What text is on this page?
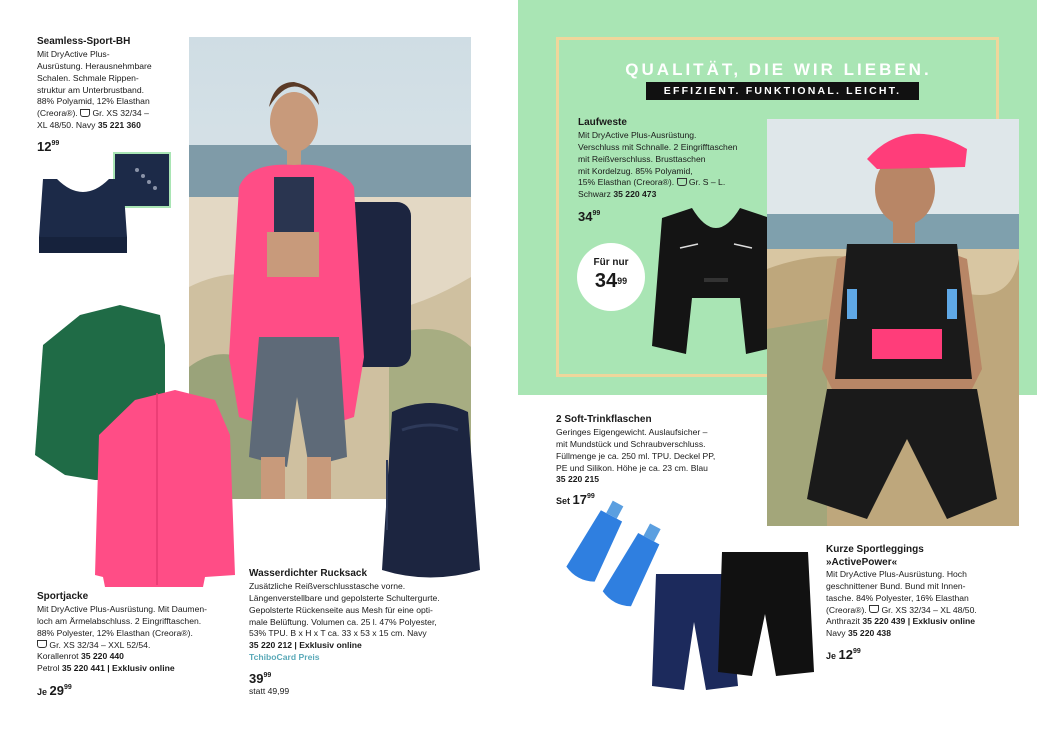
QUALITÄT, DIE WIR LIEBEN.
EFFIZIENT. FUNKTIONAL. LEICHT.
Seamless-Sport-BH
Mit DryActive Plus-
Ausrüstung. Herausnehmbare
Schalen. Schmale Rippen-
struktur am Unterbrustband.
88% Polyamid, 12% Elasthan
(Creora®). Gr. XS 32/34 –
XL 48/50. Navy 35 221 360
$12^{99}$
Sportjacke
Mit DryActive Plus-Ausrüstung. Mit Daumen-
loch am Ärmelabschluss. 2 Eingrifftaschen.
88% Polyester, 12% Elasthan (Creora®).
Gr. XS 32/34 – XXL 52/54.
Korallenrot 35 220 440
Petrol 35 220 441 | Exklusiv online
Je $29^{99}$
Wasserdichter Rucksack
Zusätzliche Reißverschlusstasche vorne.
Längenverstellbare und gepolsterte Schultergurte.
Gepolsterte Rückenseite aus Mesh für eine opti-
male Belüftung. Volumen ca. 25 l. 47% Polyester,
53% TPU. B x H x T ca. 33 x 53 x 15 cm. Navy
35 220 212 | Exklusiv online
TchiboCard Preis
$39^{99}$
statt 49,99
Laufweste
Mit DryActive Plus-Ausrüstung.
Verschluss mit Schnalle. 2 Eingrifftaschen
mit Reißverschluss. Brusttaschen
mit Kordelzug. 85% Polyamid,
15% Elasthan (Creora®). Gr. S – L.
Schwarz 35 220 473
$34^{99}$
Für nur
$34^{99}$
2 Soft-Trinkflaschen
Geringes Eigengewicht. Auslaufsicher –
mit Mundstück und Schraubverschluss.
Füllmenge je ca. 250 ml. TPU. Deckel PP,
PE und Silikon. Höhe je ca. 23 cm. Blau
35 220 215
Set $17^{99}$
Kurze Sportleggings
»ActivePower«
Mit DryActive Plus-Ausrüstung. Hoch
geschnittener Bund. Bund mit Innen-
tasche. 84% Polyester, 16% Elasthan
(Creora®). Gr. XS 32/34 – XL 48/50.
Anthrazit 35 220 439 | Exklusiv online
Navy 35 220 438
Je $12^{99}$
